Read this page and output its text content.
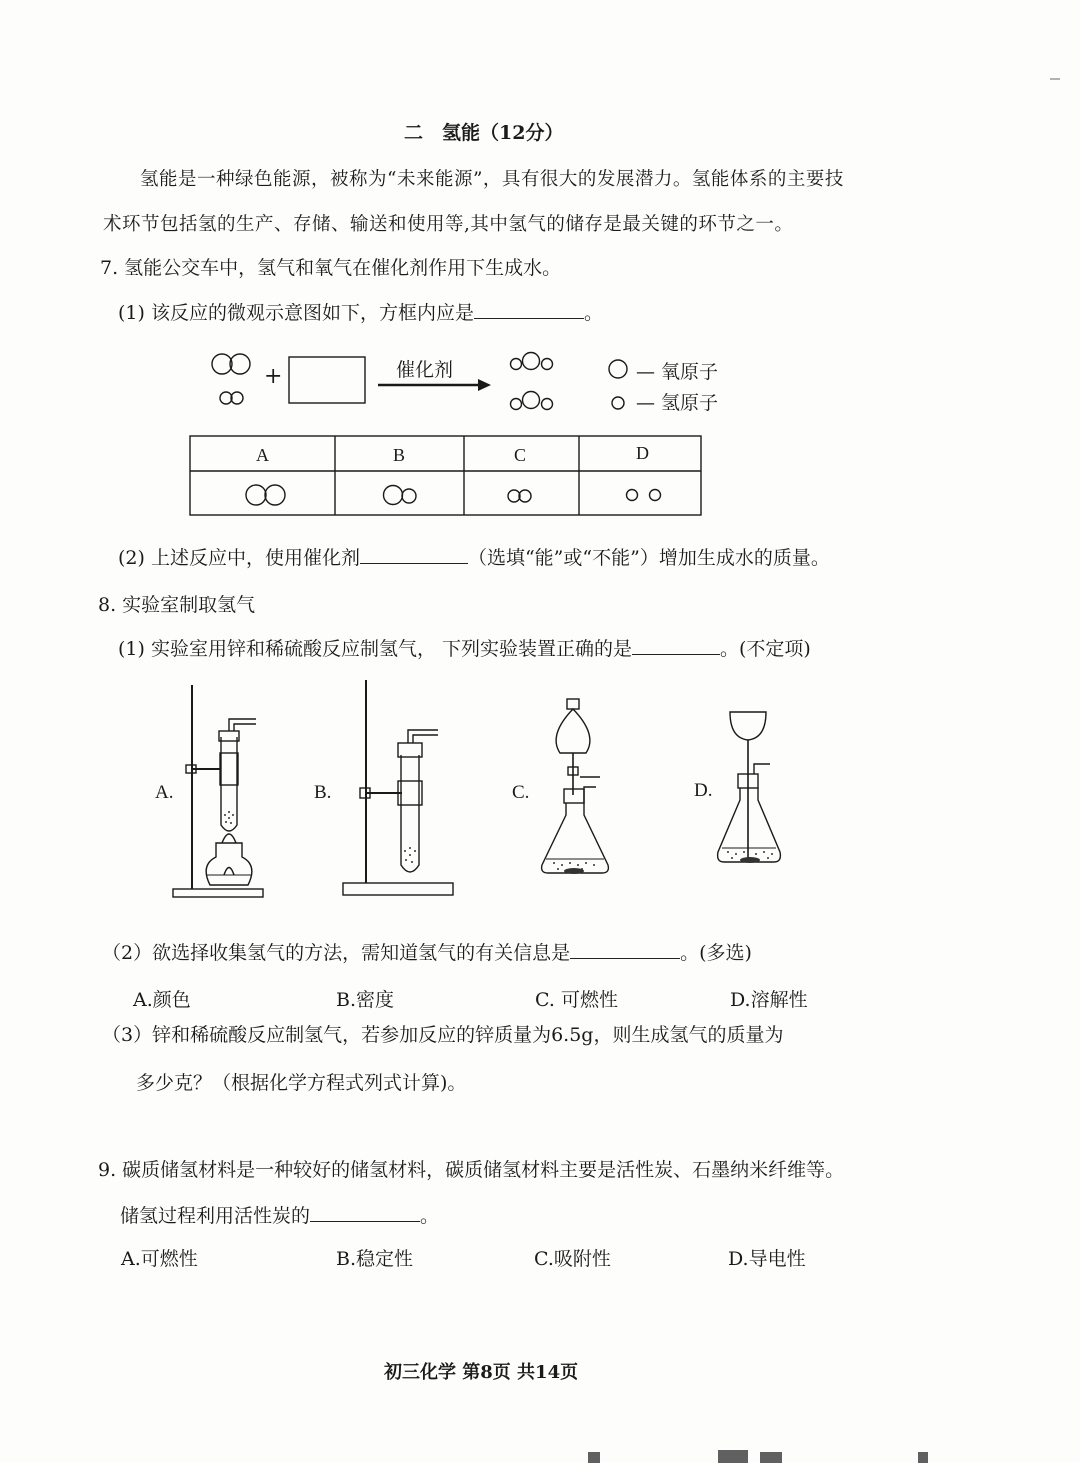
二　氢能（12分）
氢能是一种绿色能源，被称为“未来能源”，具有很大的发展潜力。氢能体系的主要技
术环节包括氢的生产、存储、输送和使用等,其中氢气的储存是最关键的环节之一。
7. 氢能公交车中，氢气和氧气在催化剂作用下生成水。
(1) 该反应的微观示意图如下，方框内应是	。
+	催化剂	— 氧原子
— 氢原子
A	B	C	D
(2) 上述反应中，使用催化剂	（选填“能”或“不能”）增加生成水的质量。
8. 实验室制取氢气
(1) 实验室用锌和稀硫酸反应制氢气， 下列实验装置正确的是	。(不定项)
A.	B.	C.	D.
（2）欲选择收集氢气的方法，需知道氢气的有关信息是	。(多选)
A.颜色	B.密度	C. 可燃性	D.溶解性
（3）锌和稀硫酸反应制氢气，若参加反应的锌质量为6.5g，则生成氢气的质量为
多少克？（根据化学方程式列式计算)。
9. 碳质储氢材料是一种较好的储氢材料，碳质储氢材料主要是活性炭、石墨纳米纤维等。
储氢过程利用活性炭的	。
A.可燃性	B.稳定性	C.吸附性	D.导电性
初三化学 第8页 共14页
